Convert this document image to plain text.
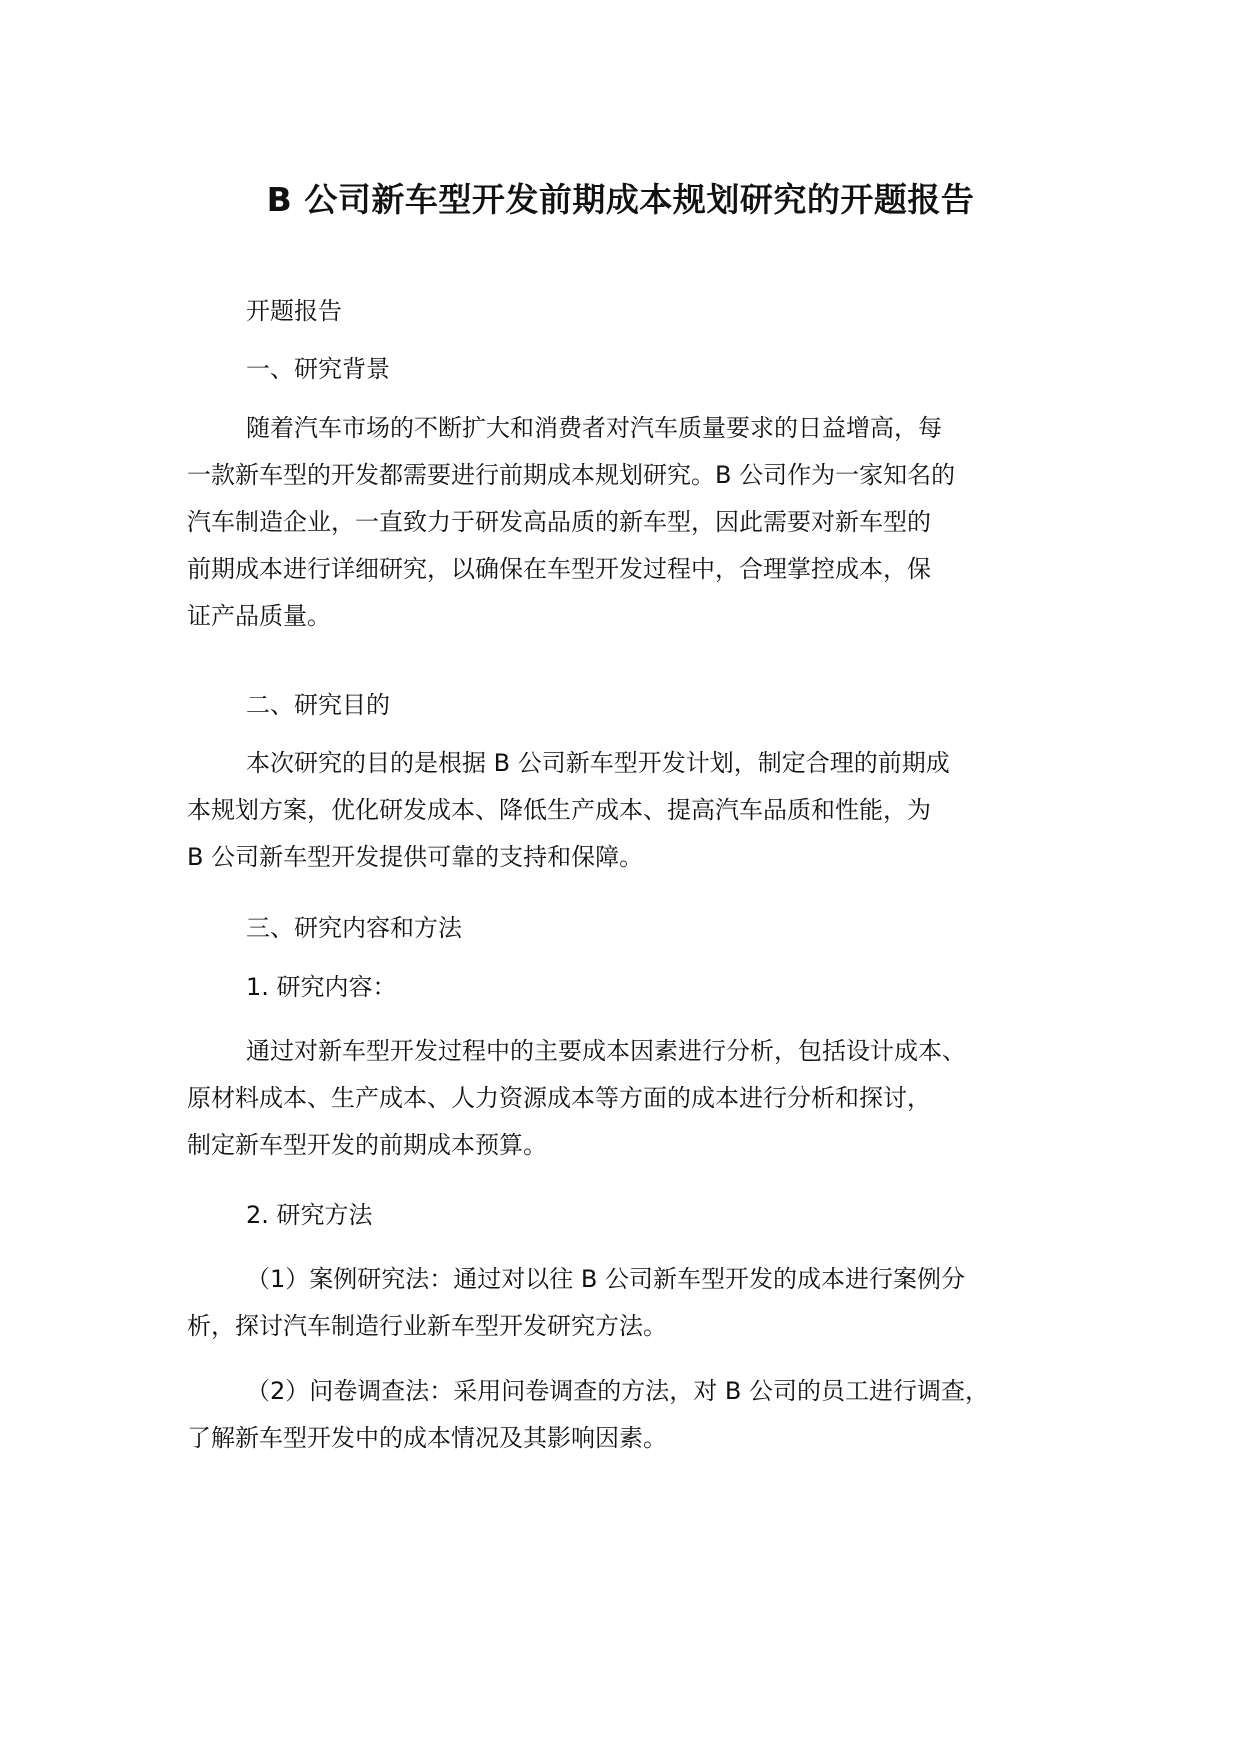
B 公司新车型开发前期成本规划研究的开题报告
开题报告
一、研究背景
随着汽车市场的不断扩大和消费者对汽车质量要求的日益增高，每
一款新车型的开发都需要进行前期成本规划研究。B 公司作为一家知名的
汽车制造企业，一直致力于研发高品质的新车型，因此需要对新车型的
前期成本进行详细研究，以确保在车型开发过程中，合理掌控成本，保
证产品质量。
二、研究目的
本次研究的目的是根据 B 公司新车型开发计划，制定合理的前期成
本规划方案，优化研发成本、降低生产成本、提高汽车品质和性能，为
B 公司新车型开发提供可靠的支持和保障。
三、研究内容和方法
1. 研究内容：
通过对新车型开发过程中的主要成本因素进行分析，包括设计成本、
原材料成本、生产成本、人力资源成本等方面的成本进行分析和探讨，
制定新车型开发的前期成本预算。
2. 研究方法
（1）案例研究法：通过对以往 B 公司新车型开发的成本进行案例分
析，探讨汽车制造行业新车型开发研究方法。
（2）问卷调查法：采用问卷调查的方法，对 B 公司的员工进行调查，
了解新车型开发中的成本情况及其影响因素。
